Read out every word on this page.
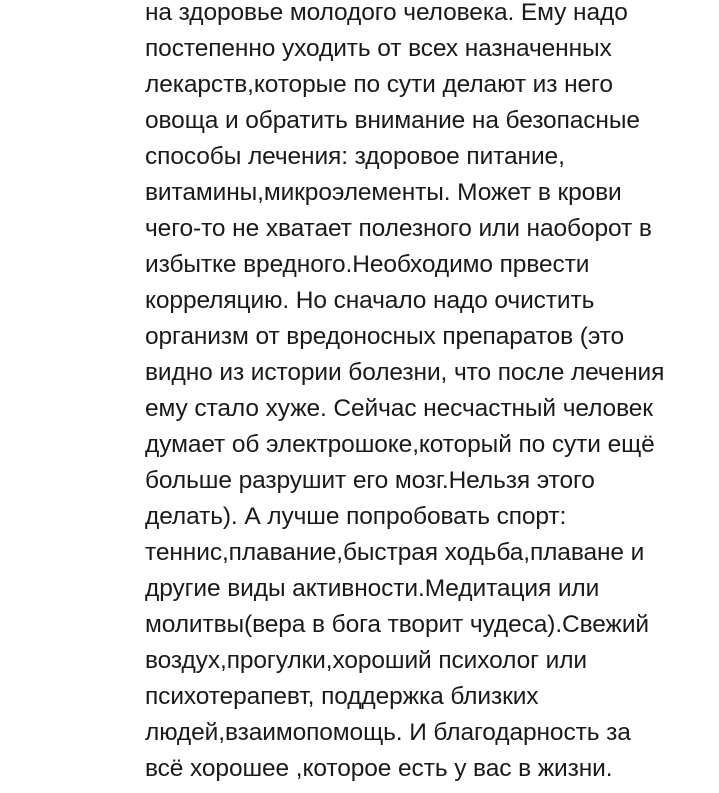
на здоровье молодого человека. Ему надо
постепенно уходить от всех назначенных
лекарств,которые по сути делают из него
овоща и обратить внимание на безопасные
способы лечения: здоровое питание,
витамины,микроэлементы. Может в крови
чего-то не хватает полезного или наоборот в
избытке вредного.Необходимо првести
корреляцию. Но сначало надо очистить
организм от вредоносных препаратов (это
видно из истории болезни, что после лечения
ему стало хуже. Сейчас несчастный человек
думает об электрошоке,который по сути ещё
больше разрушит его мозг.Нельзя этого
делать). А лучше попробовать спорт:
теннис,плавание,быстрая ходьба,плаване и
другие виды активности.Медитация или
молитвы(вера в бога творит чудеса).Свежий
воздух,прогулки,хороший психолог или
психотерапевт, поддержка близких
людей,взаимопомощь. И благодарность за
всё хорошее ,которое есть у вас в жизни.
